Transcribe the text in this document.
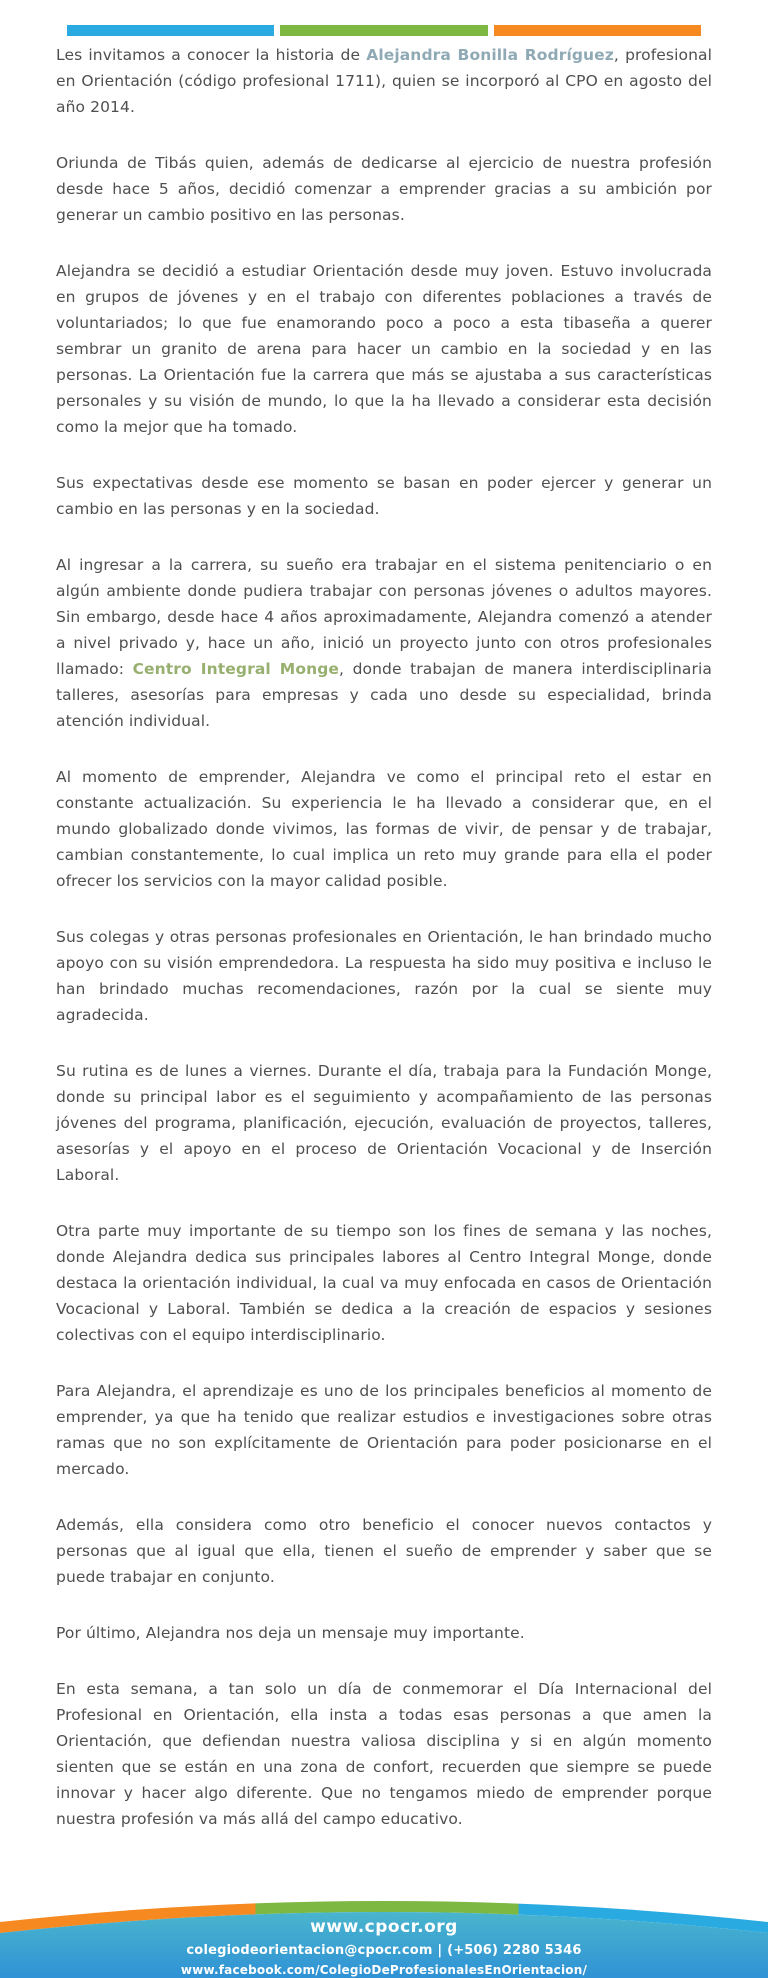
Les invitamos a conocer la historia de Alejandra Bonilla Rodríguez, profesional en Orientación (código profesional 1711), quien se incorporó al CPO en agosto del año 2014.

Oriunda de Tibás quien, además de dedicarse al ejercicio de nuestra profesión desde hace 5 años, decidió comenzar a emprender gracias a su ambición por generar un cambio positivo en las personas.

Alejandra se decidió a estudiar Orientación desde muy joven. Estuvo involucrada en grupos de jóvenes y en el trabajo con diferentes poblaciones a través de voluntariados; lo que fue enamorando poco a poco a esta tibaseña a querer sembrar un granito de arena para hacer un cambio en la sociedad y en las personas. La Orientación fue la carrera que más se ajustaba a sus características personales y su visión de mundo, lo que la ha llevado a considerar esta decisión como la mejor que ha tomado.

Sus expectativas desde ese momento se basan en poder ejercer y generar un cambio en las personas y en la sociedad.

Al ingresar a la carrera, su sueño era trabajar en el sistema penitenciario o en algún ambiente donde pudiera trabajar con personas jóvenes o adultos mayores. Sin embargo, desde hace 4 años aproximadamente, Alejandra comenzó a atender a nivel privado y, hace un año, inició un proyecto junto con otros profesionales llamado: Centro Integral Monge, donde trabajan de manera interdisciplinaria talleres, asesorías para empresas y cada uno desde su especialidad, brinda atención individual.

Al momento de emprender, Alejandra ve como el principal reto el estar en constante actualización. Su experiencia le ha llevado a considerar que, en el mundo globalizado donde vivimos, las formas de vivir, de pensar y de trabajar, cambian constantemente, lo cual implica un reto muy grande para ella el poder ofrecer los servicios con la mayor calidad posible.

Sus colegas y otras personas profesionales en Orientación, le han brindado mucho apoyo con su visión emprendedora. La respuesta ha sido muy positiva e incluso le han brindado muchas recomendaciones, razón por la cual se siente muy agradecida.

Su rutina es de lunes a viernes. Durante el día, trabaja para la Fundación Monge, donde su principal labor es el seguimiento y acompañamiento de las personas jóvenes del programa, planificación, ejecución, evaluación de proyectos, talleres, asesorías y el apoyo en el proceso de Orientación Vocacional y de Inserción Laboral.

Otra parte muy importante de su tiempo son los fines de semana y las noches, donde Alejandra dedica sus principales labores al Centro Integral Monge, donde destaca la orientación individual, la cual va muy enfocada en casos de Orientación Vocacional y Laboral. También se dedica a la creación de espacios y sesiones colectivas con el equipo interdisciplinario.

Para Alejandra, el aprendizaje es uno de los principales beneficios al momento de emprender, ya que ha tenido que realizar estudios e investigaciones sobre otras ramas que no son explícitamente de Orientación para poder posicionarse en el mercado.

Además, ella considera como otro beneficio el conocer nuevos contactos y personas que al igual que ella, tienen el sueño de emprender y saber que se puede trabajar en conjunto.

Por último, Alejandra nos deja un mensaje muy importante.

En esta semana, a tan solo un día de conmemorar el Día Internacional del Profesional en Orientación, ella insta a todas esas personas a que amen la Orientación, que defiendan nuestra valiosa disciplina y si en algún momento sienten que se están en una zona de confort, recuerden que siempre se puede innovar y hacer algo diferente. Que no tengamos miedo de emprender porque nuestra profesión va más allá del campo educativo.

www.cpocr.org
colegiodeorientacion@cpocr.com | (+506) 2280 5346
www.facebook.com/ColegioDeProfesionalesEnOrientacion/
